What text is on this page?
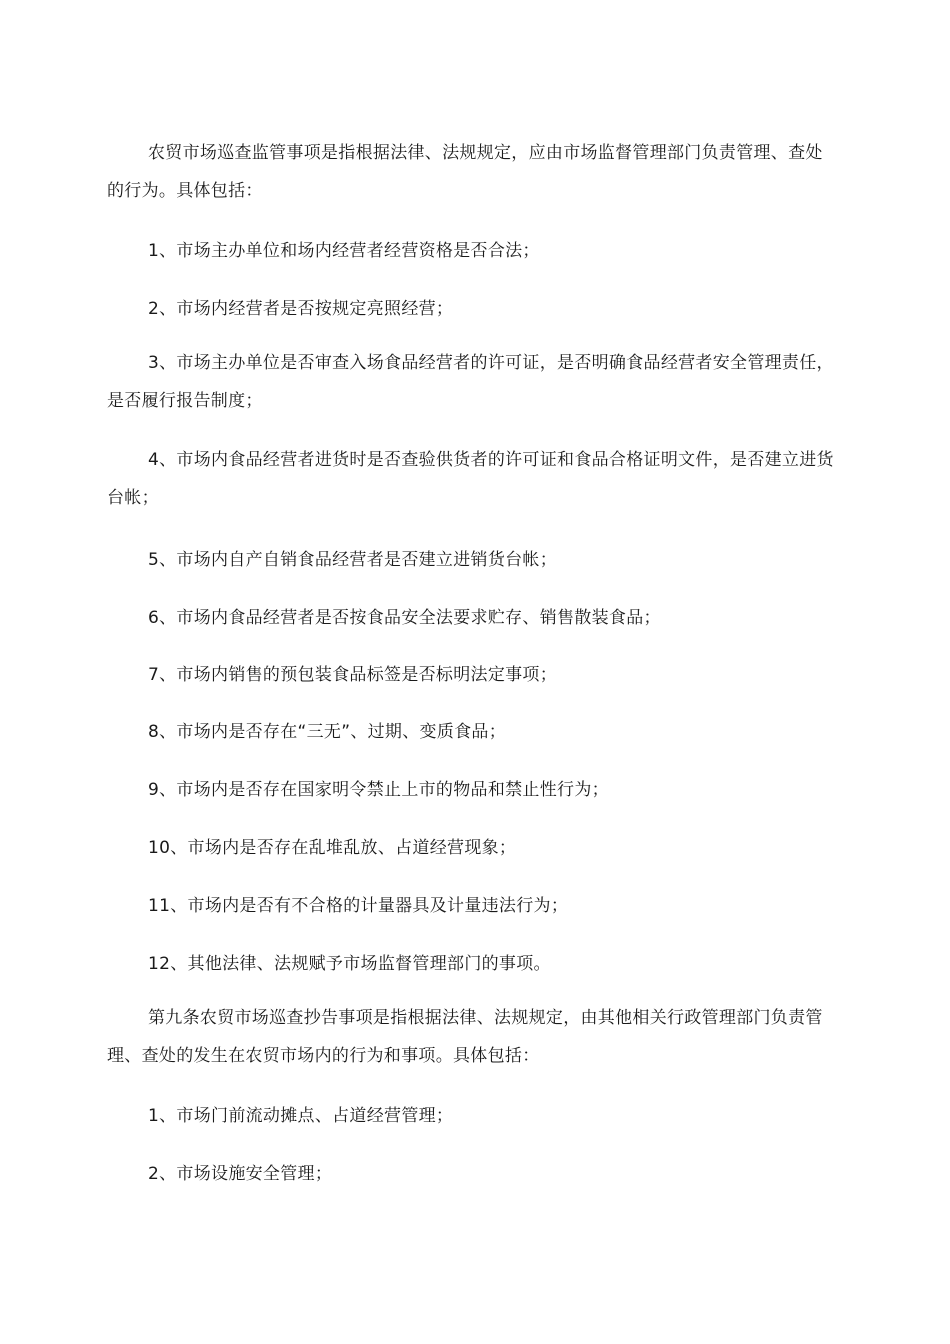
农贸市场巡查监管事项是指根据法律、法规规定，应由市场监督管理部门负责管理、查处的行为。具体包括：

1、市场主办单位和场内经营者经营资格是否合法；

2、市场内经营者是否按规定亮照经营；

3、市场主办单位是否审查入场食品经营者的许可证，是否明确食品经营者安全管理责任，是否履行报告制度；

4、市场内食品经营者进货时是否查验供货者的许可证和食品合格证明文件，是否建立进货台帐；

5、市场内自产自销食品经营者是否建立进销货台帐；

6、市场内食品经营者是否按食品安全法要求贮存、销售散装食品；

7、市场内销售的预包装食品标签是否标明法定事项；

8、市场内是否存在“三无”、过期、变质食品；

9、市场内是否存在国家明令禁止上市的物品和禁止性行为；

10、市场内是否存在乱堆乱放、占道经营现象；

11、市场内是否有不合格的计量器具及计量违法行为；

12、其他法律、法规赋予市场监督管理部门的事项。

第九条农贸市场巡查抄告事项是指根据法律、法规规定，由其他相关行政管理部门负责管理、查处的发生在农贸市场内的行为和事项。具体包括：

1、市场门前流动摊点、占道经营管理；

2、市场设施安全管理；
